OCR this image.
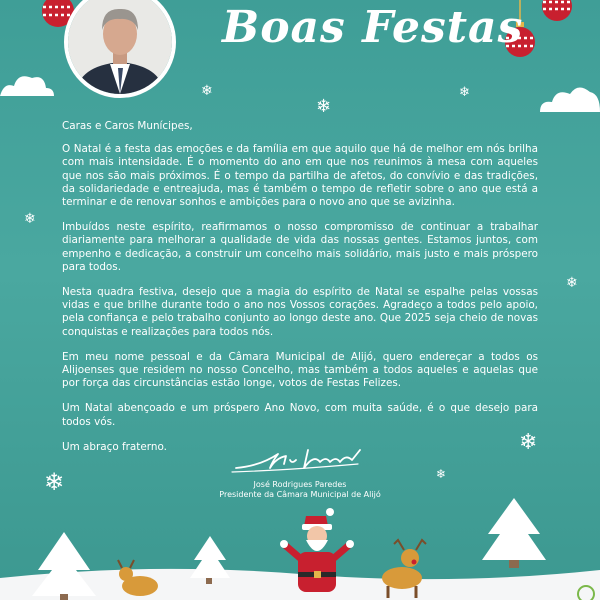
❄
❄
❄
❄
❄
❄
❄	❄
Boas Festas

Caras e Caros Munícipes,

O Natal é a festa das emoções e da família em que aquilo que há de melhor em nós brilha com mais intensidade. É o momento do ano em que nos reunimos à mesa com aqueles que nos são mais próximos. É o tempo da partilha de afetos, do convívio e das tradições, da solidariedade e entreajuda, mas é também o tempo de refletir sobre o ano que está a terminar e de renovar sonhos e ambições para o novo ano que se avizinha.

Imbuídos neste espírito, reafirmamos o nosso compromisso de continuar a trabalhar diariamente para melhorar a qualidade de vida das nossas gentes. Estamos juntos, com empenho e dedicação, a construir um concelho mais solidário, mais justo e mais próspero para todos.

Nesta quadra festiva, desejo que a magia do espírito de Natal se espalhe pelas vossas vidas e que brilhe durante todo o ano nos Vossos corações. Agradeço a todos pelo apoio, pela confiança e pelo trabalho conjunto ao longo deste ano. Que 2025 seja cheio de novas conquistas e realizações para todos nós.

Em meu nome pessoal e da Câmara Municipal de Alijó, quero endereçar a todos os Alijoenses que residem no nosso Concelho, mas também a todos aqueles e aquelas que por força das circunstâncias estão longe, votos de Festas Felizes.

Um Natal abençoado e um próspero Ano Novo, com muita saúde, é o que desejo para todos vós.

Um abraço fraterno.

José Rodrigues Paredes
Presidente da Câmara Municipal de Alijó
